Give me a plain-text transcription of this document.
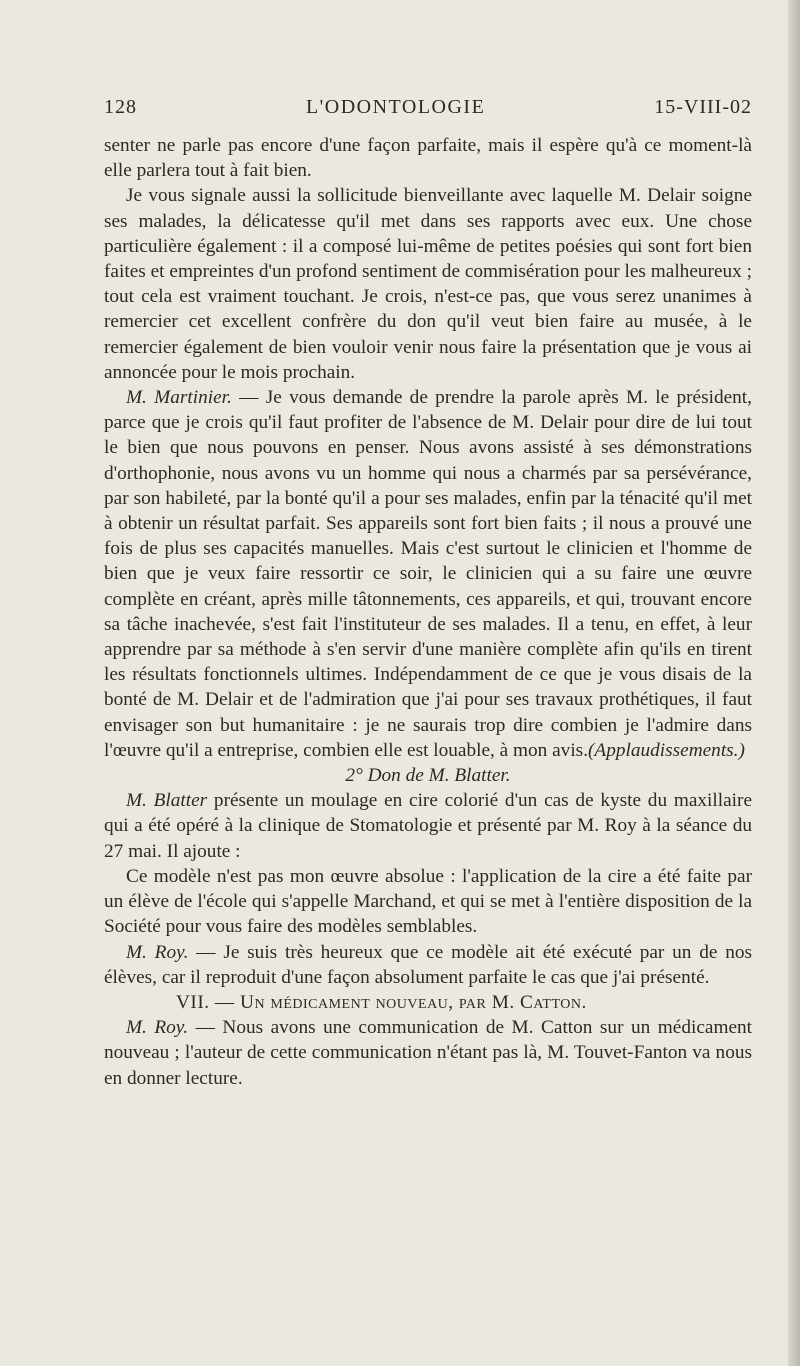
128	L'ODONTOLOGIE	15-VIII-02

senter ne parle pas encore d'une façon parfaite, mais il espère qu'à ce moment-là elle parlera tout à fait bien.

Je vous signale aussi la sollicitude bienveillante avec laquelle M. Delair soigne ses malades, la délicatesse qu'il met dans ses rapports avec eux. Une chose particulière également : il a composé lui-même de petites poésies qui sont fort bien faites et empreintes d'un profond sentiment de commisération pour les malheureux ; tout cela est vraiment touchant. Je crois, n'est-ce pas, que vous serez unanimes à remercier cet excellent confrère du don qu'il veut bien faire au musée, à le remercier également de bien vouloir venir nous faire la présentation que je vous ai annoncée pour le mois prochain.

M. Martinier. — Je vous demande de prendre la parole après M. le président, parce que je crois qu'il faut profiter de l'absence de M. Delair pour dire de lui tout le bien que nous pouvons en penser. Nous avons assisté à ses démonstrations d'orthophonie, nous avons vu un homme qui nous a charmés par sa persévérance, par son habileté, par la bonté qu'il a pour ses malades, enfin par la ténacité qu'il met à obtenir un résultat parfait. Ses appareils sont fort bien faits ; il nous a prouvé une fois de plus ses capacités manuelles. Mais c'est surtout le clinicien et l'homme de bien que je veux faire ressortir ce soir, le clinicien qui a su faire une œuvre complète en créant, après mille tâtonnements, ces appareils, et qui, trouvant encore sa tâche inachevée, s'est fait l'instituteur de ses malades. Il a tenu, en effet, à leur apprendre par sa méthode à s'en servir d'une manière complète afin qu'ils en tirent les résultats fonctionnels ultimes. Indépendamment de ce que je vous disais de la bonté de M. Delair et de l'admiration que j'ai pour ses travaux prothétiques, il faut envisager son but humanitaire : je ne saurais trop dire combien je l'admire dans l'œuvre qu'il a entreprise, combien elle est louable, à mon avis.(Applaudissements.)

2° Don de M. Blatter.

M. Blatter présente un moulage en cire colorié d'un cas de kyste du maxillaire qui a été opéré à la clinique de Stomatologie et présenté par M. Roy à la séance du 27 mai. Il ajoute :

Ce modèle n'est pas mon œuvre absolue : l'application de la cire a été faite par un élève de l'école qui s'appelle Marchand, et qui se met à l'entière disposition de la Société pour vous faire des modèles semblables.

M. Roy. — Je suis très heureux que ce modèle ait été exécuté par un de nos élèves, car il reproduit d'une façon absolument parfaite le cas que j'ai présenté.

VII. — Un médicament nouveau, par M. Catton.

M. Roy. — Nous avons une communication de M. Catton sur un médicament nouveau ; l'auteur de cette communication n'étant pas là, M. Touvet-Fanton va nous en donner lecture.
